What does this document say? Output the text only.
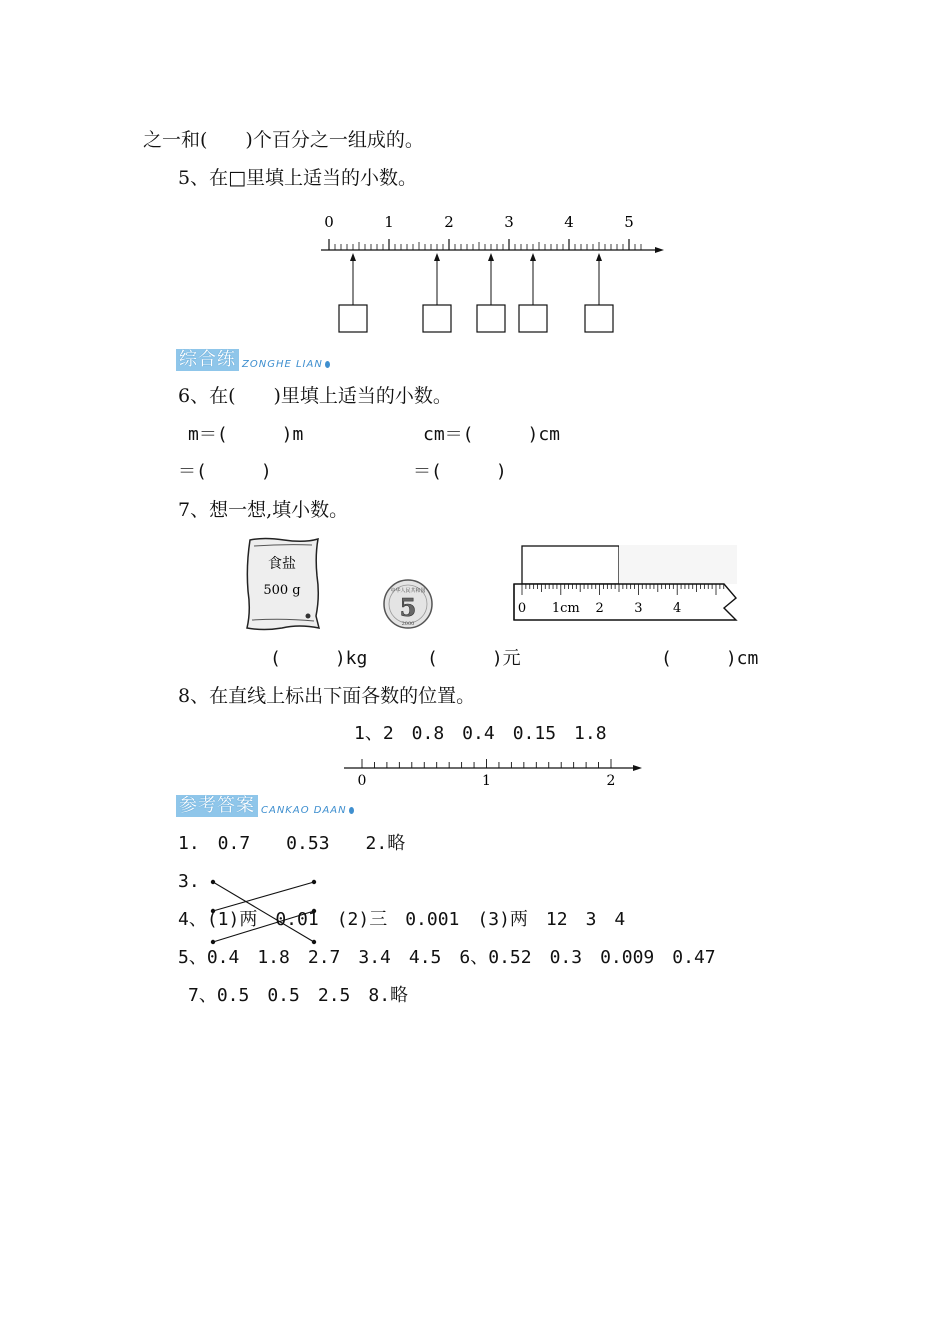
之一和(　　)个百分之一组成的。
5、在□里填上适当的小数。
0	1	2	3	4	5
综合练 ZONGHE LIAN
6、在(　　)里填上适当的小数。
m＝(　　　)m	cm＝(　　　)cm
＝(　　　)	＝(　　　)
7、想一想,填小数。
食盐
500 g	中华人民共和国
5
2000
0 1cm 2 3 4
(　　　)kg	(　　　)元	(　　　)cm
8、在直线上标出下面各数的位置。
1、2　0.8　0.4　0.15　1.8
0	1	2
参考答案 CANKAO DAAN
1.　0.7　　0.53　　2.略
3.
4、(1)两　0.01　(2)三　0.001　(3)两　12　3　4
5、0.4　1.8　2.7　3.4　4.5　6、0.52　0.3　0.009　0.47
7、0.5　0.5　2.5　8.略
